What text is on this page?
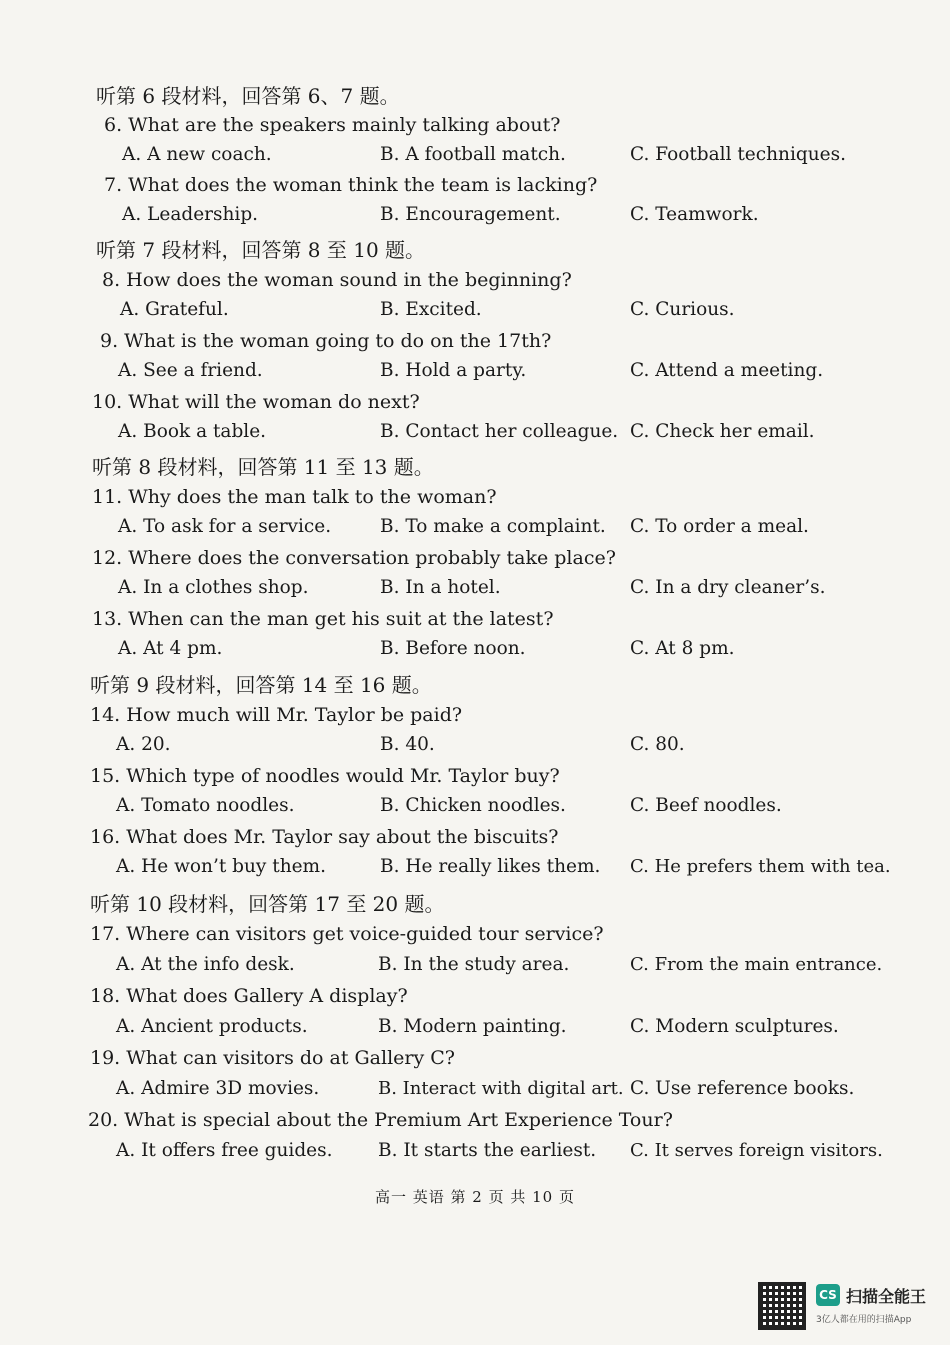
听第 6 段材料，回答第 6、7 题。
6. What are the speakers mainly talking about?
A. A new coach.	B. A football match.	C. Football techniques.
7. What does the woman think the team is lacking?
A. Leadership.	B. Encouragement.	C. Teamwork.
听第 7 段材料，回答第 8 至 10 题。
8. How does the woman sound in the beginning?
A. Grateful.	B. Excited.	C. Curious.
9. What is the woman going to do on the 17th?
A. See a friend.	B. Hold a party.	C. Attend a meeting.
10. What will the woman do next?
A. Book a table.	B. Contact her colleague. C. Check her email.
听第 8 段材料，回答第 11 至 13 题。
11. Why does the man talk to the woman?
A. To ask for a service.	B. To make a complaint. C. To order a meal.
12. Where does the conversation probably take place?
A. In a clothes shop.	B. In a hotel.	C. In a dry cleaner’s.
13. When can the man get his suit at the latest?
A. At 4 pm.	B. Before noon.	C. At 8 pm.
听第 9 段材料，回答第 14 至 16 题。
14. How much will Mr. Taylor be paid?
A. 20.	B. 40.	C. 80.
15. Which type of noodles would Mr. Taylor buy?
A. Tomato noodles.	B. Chicken noodles.	C. Beef noodles.
16. What does Mr. Taylor say about the biscuits?
A. He won’t buy them.	B. He really likes them. C. He prefers them with tea.
听第 10 段材料，回答第 17 至 20 题。
17. Where can visitors get voice-guided tour service?
A. At the info desk.	B. In the study area.	C. From the main entrance.
18. What does Gallery A display?
A. Ancient products.	B. Modern painting.	C. Modern sculptures.
19. What can visitors do at Gallery C?
A. Admire 3D movies.	B. Interact with digital art. C. Use reference books.
20. What is special about the Premium Art Experience Tour?
A. It offers free guides. B. It starts the earliest. C. It serves foreign visitors.
高一 英语 第 2 页 共 10 页
CS 扫描全能王
3亿人都在用的扫描App
